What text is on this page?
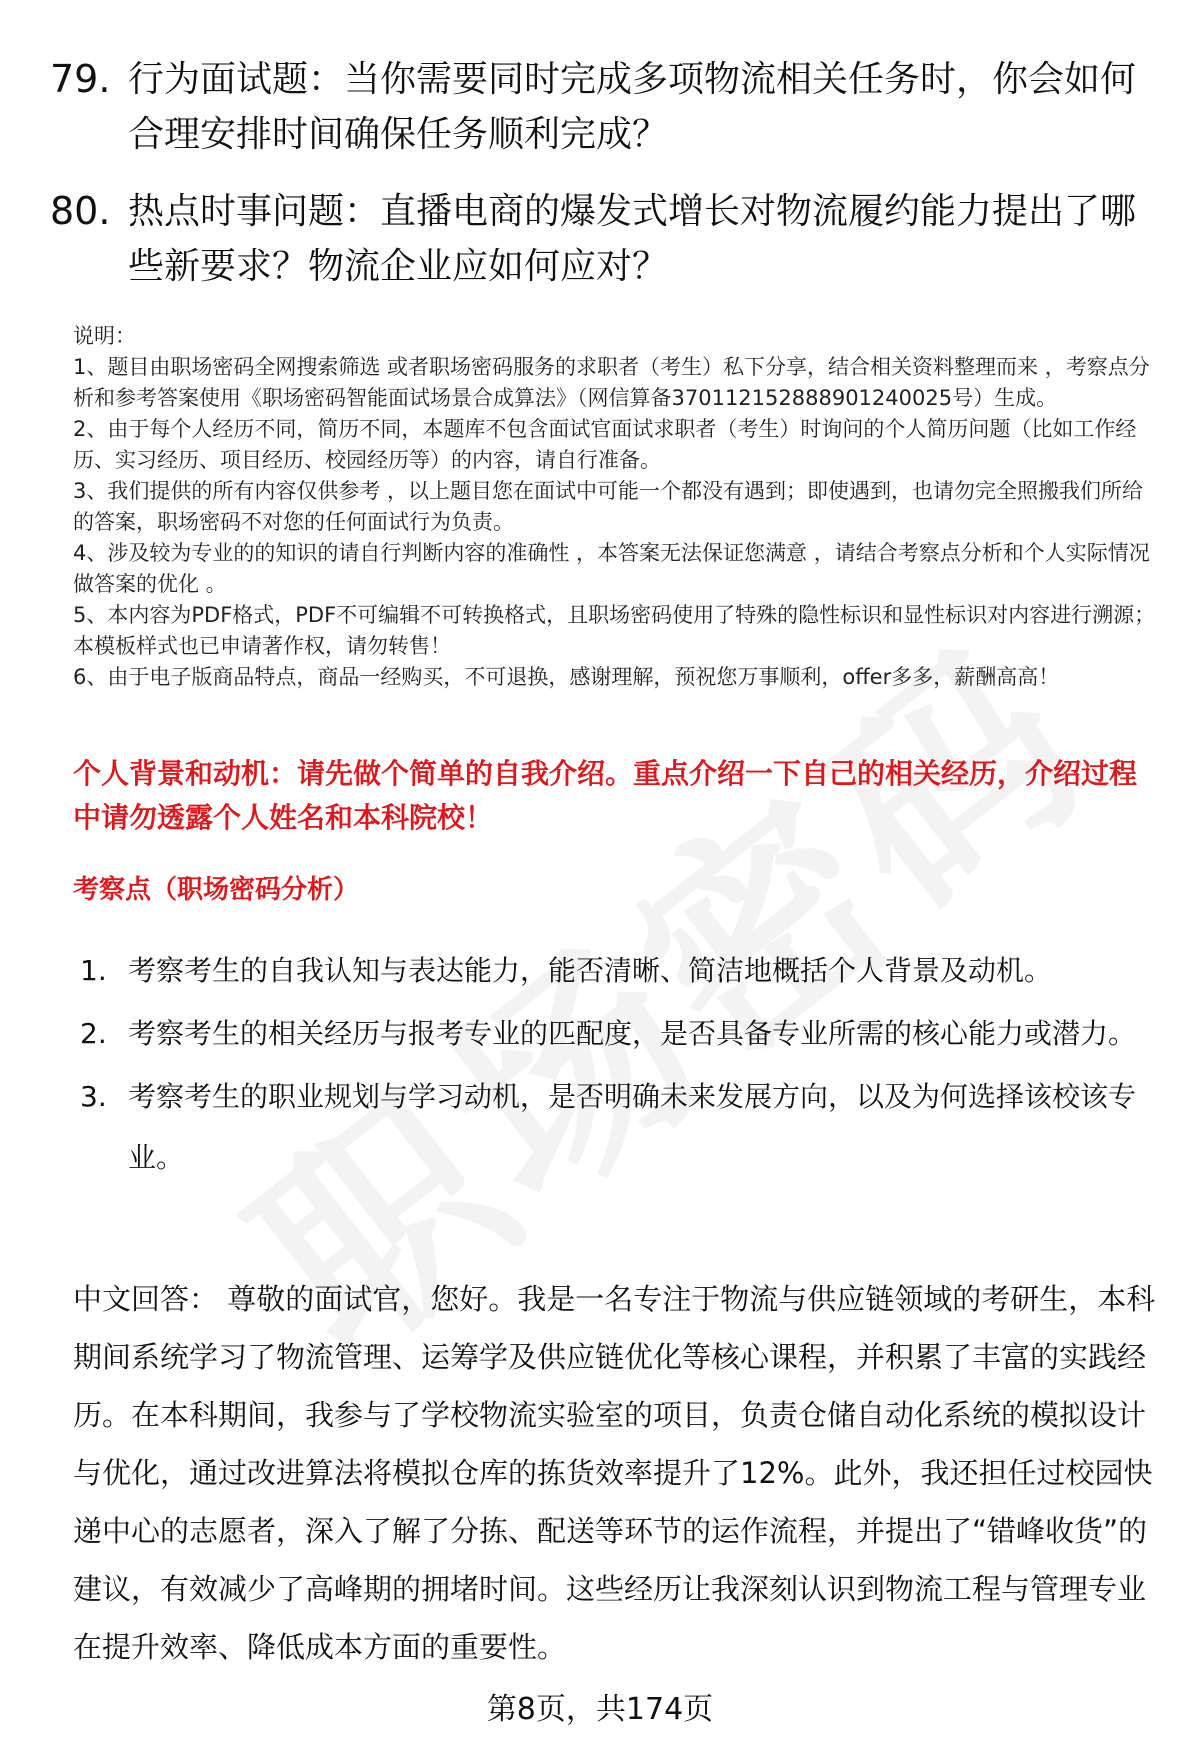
79. 行为面试题：当你需要同时完成多项物流相关任务时，你会如何合理安排时间确保任务顺利完成？
80. 热点时事问题：直播电商的爆发式增长对物流履约能力提出了哪些新要求？物流企业应如何应对？
说明：
1、题目由职场密码全网搜索筛选 或者职场密码服务的求职者（考生）私下分享，结合相关资料整理而来 ，考察点分析和参考答案使用《职场密码智能面试场景合成算法》（网信算备370112152888901240025号）生成。
2、由于每个人经历不同，简历不同，本题库不包含面试官面试求职者（考生）时询问的个人简历问题（比如工作经历、实习经历、项目经历、校园经历等）的内容，请自行准备。
3、我们提供的所有内容仅供参考 ，以上题目您在面试中可能一个都没有遇到；即使遇到，也请勿完全照搬我们所给的答案，职场密码不对您的任何面试行为负责。
4、涉及较为专业的的知识的请自行判断内容的准确性 ，本答案无法保证您满意 ，请结合考察点分析和个人实际情况做答案的优化 。
5、本内容为PDF格式，PDF不可编辑不可转换格式，且职场密码使用了特殊的隐性标识和显性标识对内容进行溯源；本模板样式也已申请著作权，请勿转售！
6、由于电子版商品特点，商品一经购买，不可退换，感谢理解，预祝您万事顺利，offer多多，薪酬高高！
个人背景和动机：请先做个简单的自我介绍。重点介绍一下自己的相关经历，介绍过程中请勿透露个人姓名和本科院校！
考察点（职场密码分析）
1. 考察考生的自我认知与表达能力，能否清晰、简洁地概括个人背景及动机。
2. 考察考生的相关经历与报考专业的匹配度，是否具备专业所需的核心能力或潜力。
3. 考察考生的职业规划与学习动机，是否明确未来发展方向，以及为何选择该校该专业。
中文回答： 尊敬的面试官，您好。我是一名专注于物流与供应链领域的考研生，本科期间系统学习了物流管理、运筹学及供应链优化等核心课程，并积累了丰富的实践经历。在本科期间，我参与了学校物流实验室的项目，负责仓储自动化系统的模拟设计与优化，通过改进算法将模拟仓库的拣货效率提升了12%。此外，我还担任过校园快递中心的志愿者，深入了解了分拣、配送等环节的运作流程，并提出了“错峰收货”的建议，有效减少了高峰期的拥堵时间。这些经历让我深刻认识到物流工程与管理专业在提升效率、降低成本方面的重要性。
第8页，共174页
